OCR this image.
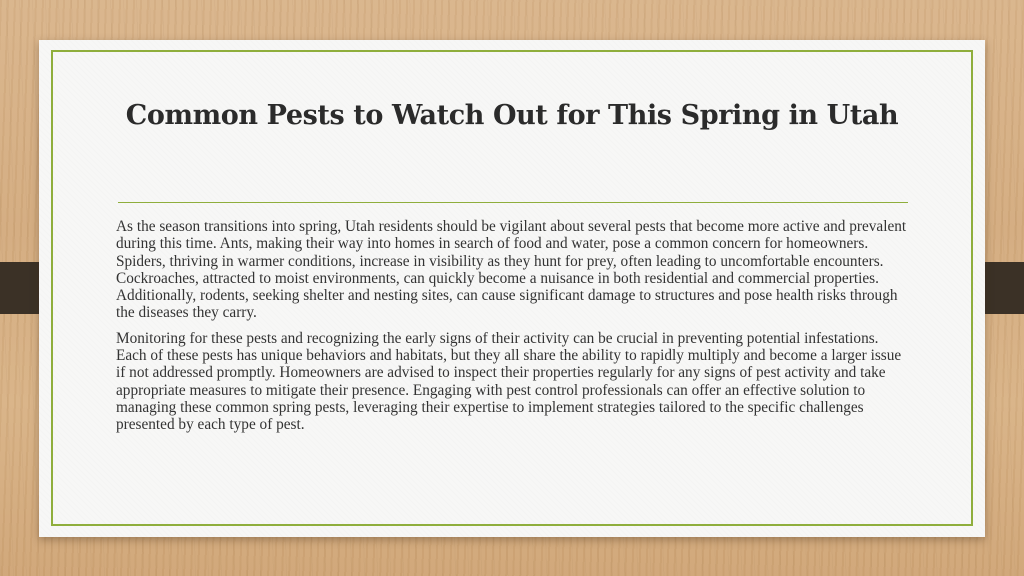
Common Pests to Watch Out for This Spring in Utah

As the season transitions into spring, Utah residents should be vigilant about several pests that become more active and prevalent during this time. Ants, making their way into homes in search of food and water, pose a common concern for homeowners. Spiders, thriving in warmer conditions, increase in visibility as they hunt for prey, often leading to uncomfortable encounters. Cockroaches, attracted to moist environments, can quickly become a nuisance in both residential and commercial properties. Additionally, rodents, seeking shelter and nesting sites, can cause significant damage to structures and pose health risks through the diseases they carry.

Monitoring for these pests and recognizing the early signs of their activity can be crucial in preventing potential infestations. Each of these pests has unique behaviors and habitats, but they all share the ability to rapidly multiply and become a larger issue if not addressed promptly. Homeowners are advised to inspect their properties regularly for any signs of pest activity and take appropriate measures to mitigate their presence. Engaging with pest control professionals can offer an effective solution to managing these common spring pests, leveraging their expertise to implement strategies tailored to the specific challenges presented by each type of pest.
